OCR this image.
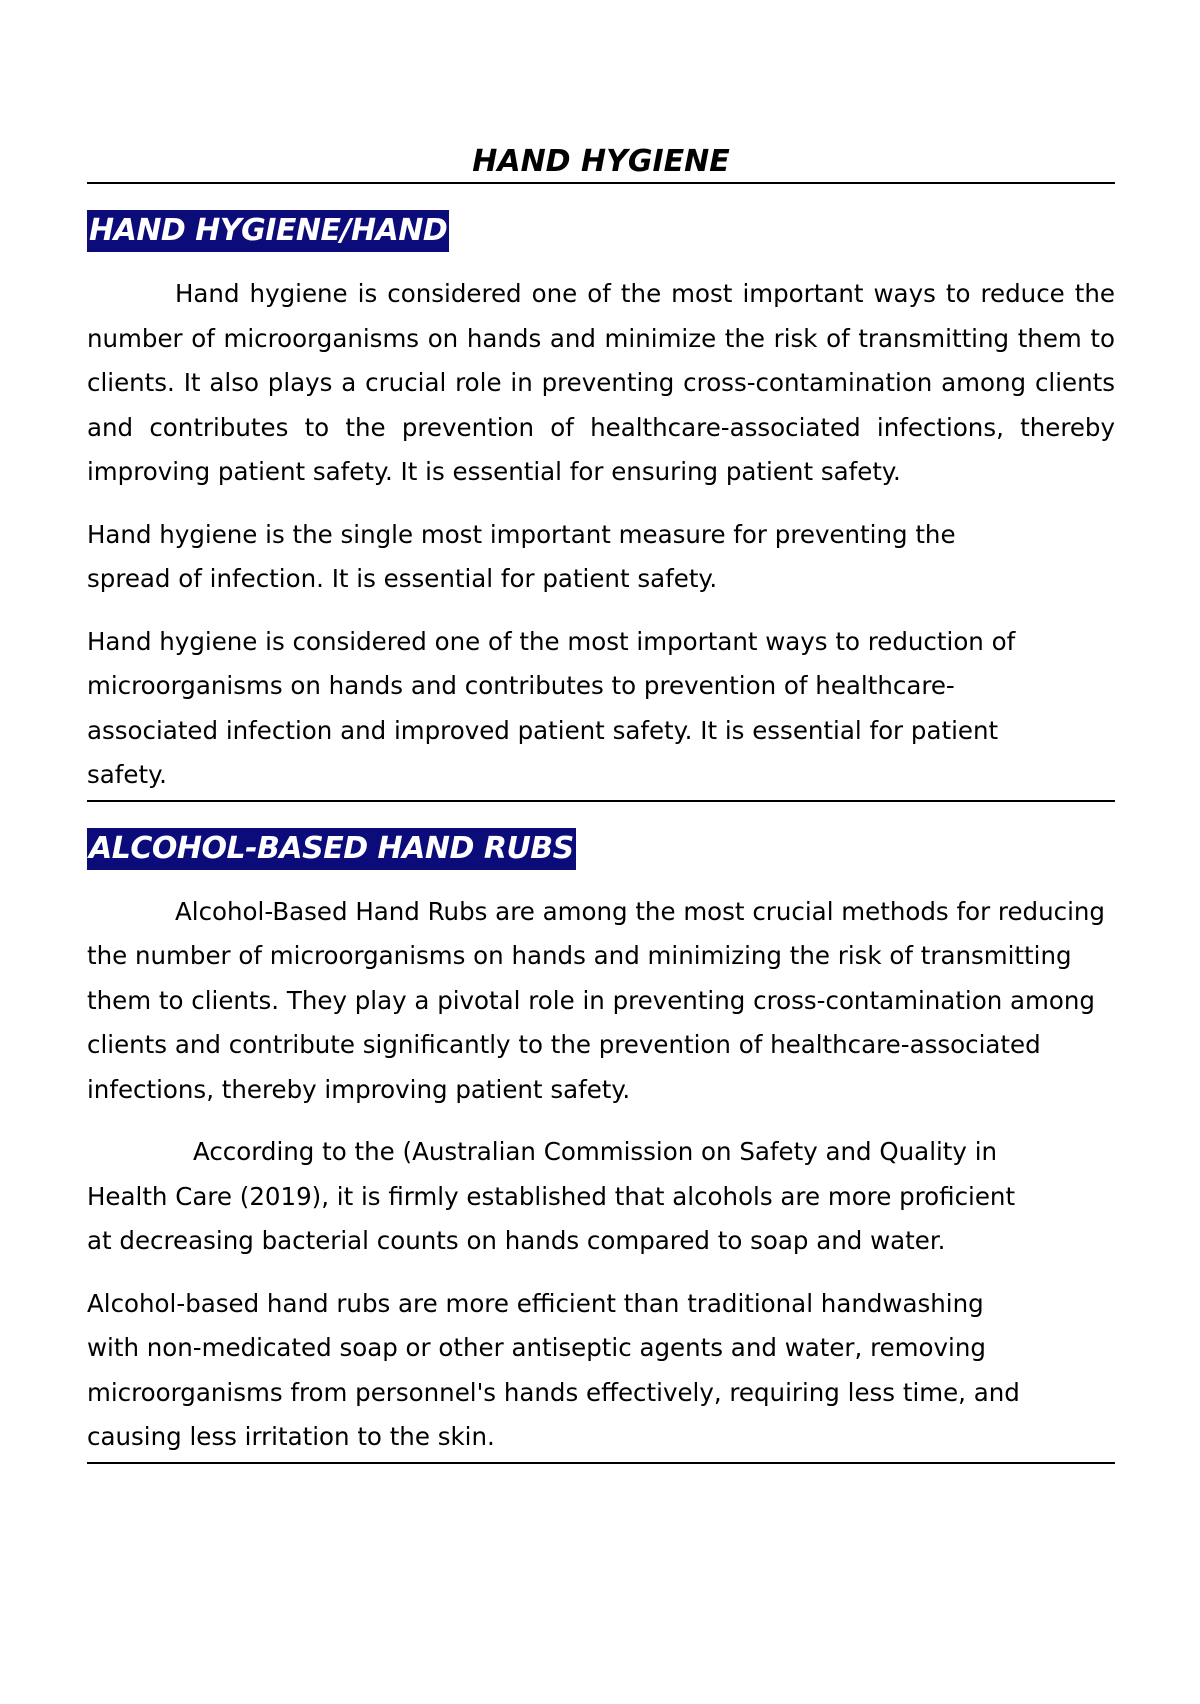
HAND HYGIENE
HAND HYGIENE/HAND

Hand hygiene is considered one of the most important ways to reduce the number of microorganisms on hands and minimize the risk of transmitting them to clients. It also plays a crucial role in preventing cross-contamination among clients and contributes to the prevention of healthcare-associated infections, thereby improving patient safety. It is essential for ensuring patient safety.

Hand hygiene is the single most important measure for preventing the spread of infection. It is essential for patient safety.

Hand hygiene is considered one of the most important ways to reduction of microorganisms on hands and contributes to prevention of healthcare-associated infection and improved patient safety. It is essential for patient safety.

ALCOHOL-BASED HAND RUBS

Alcohol-Based Hand Rubs are among the most crucial methods for reducing the number of microorganisms on hands and minimizing the risk of transmitting them to clients. They play a pivotal role in preventing cross-contamination among clients and contribute significantly to the prevention of healthcare-associated infections, thereby improving patient safety.

According to the (Australian Commission on Safety and Quality in Health Care (2019), it is firmly established that alcohols are more proficient at decreasing bacterial counts on hands compared to soap and water.

Alcohol-based hand rubs are more efficient than traditional handwashing with non-medicated soap or other antiseptic agents and water, removing microorganisms from personnel's hands effectively, requiring less time, and causing less irritation to the skin.
